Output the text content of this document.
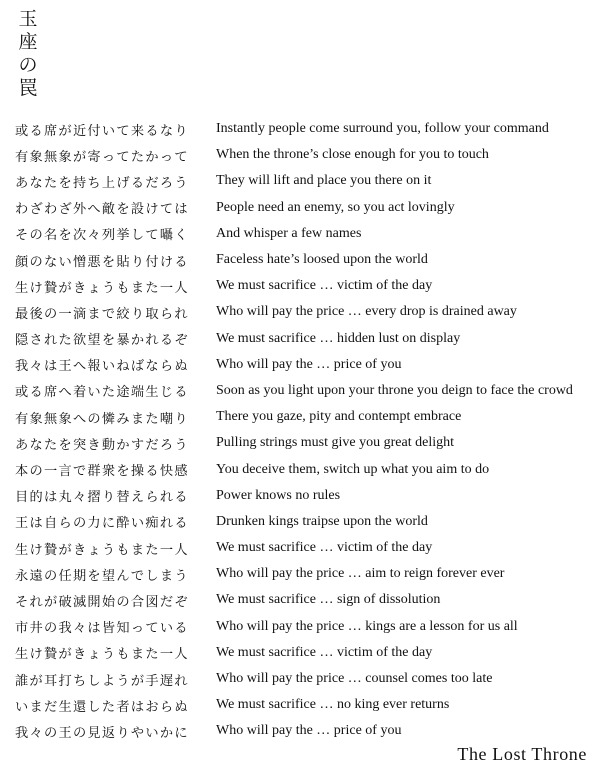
玉
座
の
罠
或る席が近付いて来るなり	Instantly people come surround you, follow your command
有象無象が寄ってたかって	When the throne’s close enough for you to touch
あなたを持ち上げるだろう	They will lift and place you there on it
わざわざ外へ敵を設けては	People need an enemy, so you act lovingly
その名を次々列挙して囁く	And whisper a few names
顔のない憎悪を貼り付ける	Faceless hate’s loosed upon the world
生け贄がきょうもまた一人	We must sacrifice … victim of the day
最後の一滴まで絞り取られ	Who will pay the price … every drop is drained away
隠された欲望を暴かれるぞ	We must sacrifice … hidden lust on display
我々は王へ報いねばならぬ	Who will pay the … price of you
或る席へ着いた途端生じる	Soon as you light upon your throne you deign to face the crowd
有象無象への憐みまた嘲り	There you gaze, pity and contempt embrace
あなたを突き動かすだろう	Pulling strings must give you great delight
本の一言で群衆を操る快感	You deceive them, switch up what you aim to do
目的は丸々摺り替えられる	Power knows no rules
王は自らの力に酔い痴れる	Drunken kings traipse upon the world
生け贄がきょうもまた一人	We must sacrifice … victim of the day
永遠の任期を望んでしまう	Who will pay the price … aim to reign forever ever
それが破滅開始の合図だぞ	We must sacrifice … sign of dissolution
市井の我々は皆知っている	Who will pay the price … kings are a lesson for us all
生け贄がきょうもまた一人	We must sacrifice … victim of the day
誰が耳打ちしようが手遅れ	Who will pay the price … counsel comes too late
いまだ生還した者はおらぬ	We must sacrifice … no king ever returns
我々の王の見返りやいかに	Who will pay the … price of you
The Lost Throne
